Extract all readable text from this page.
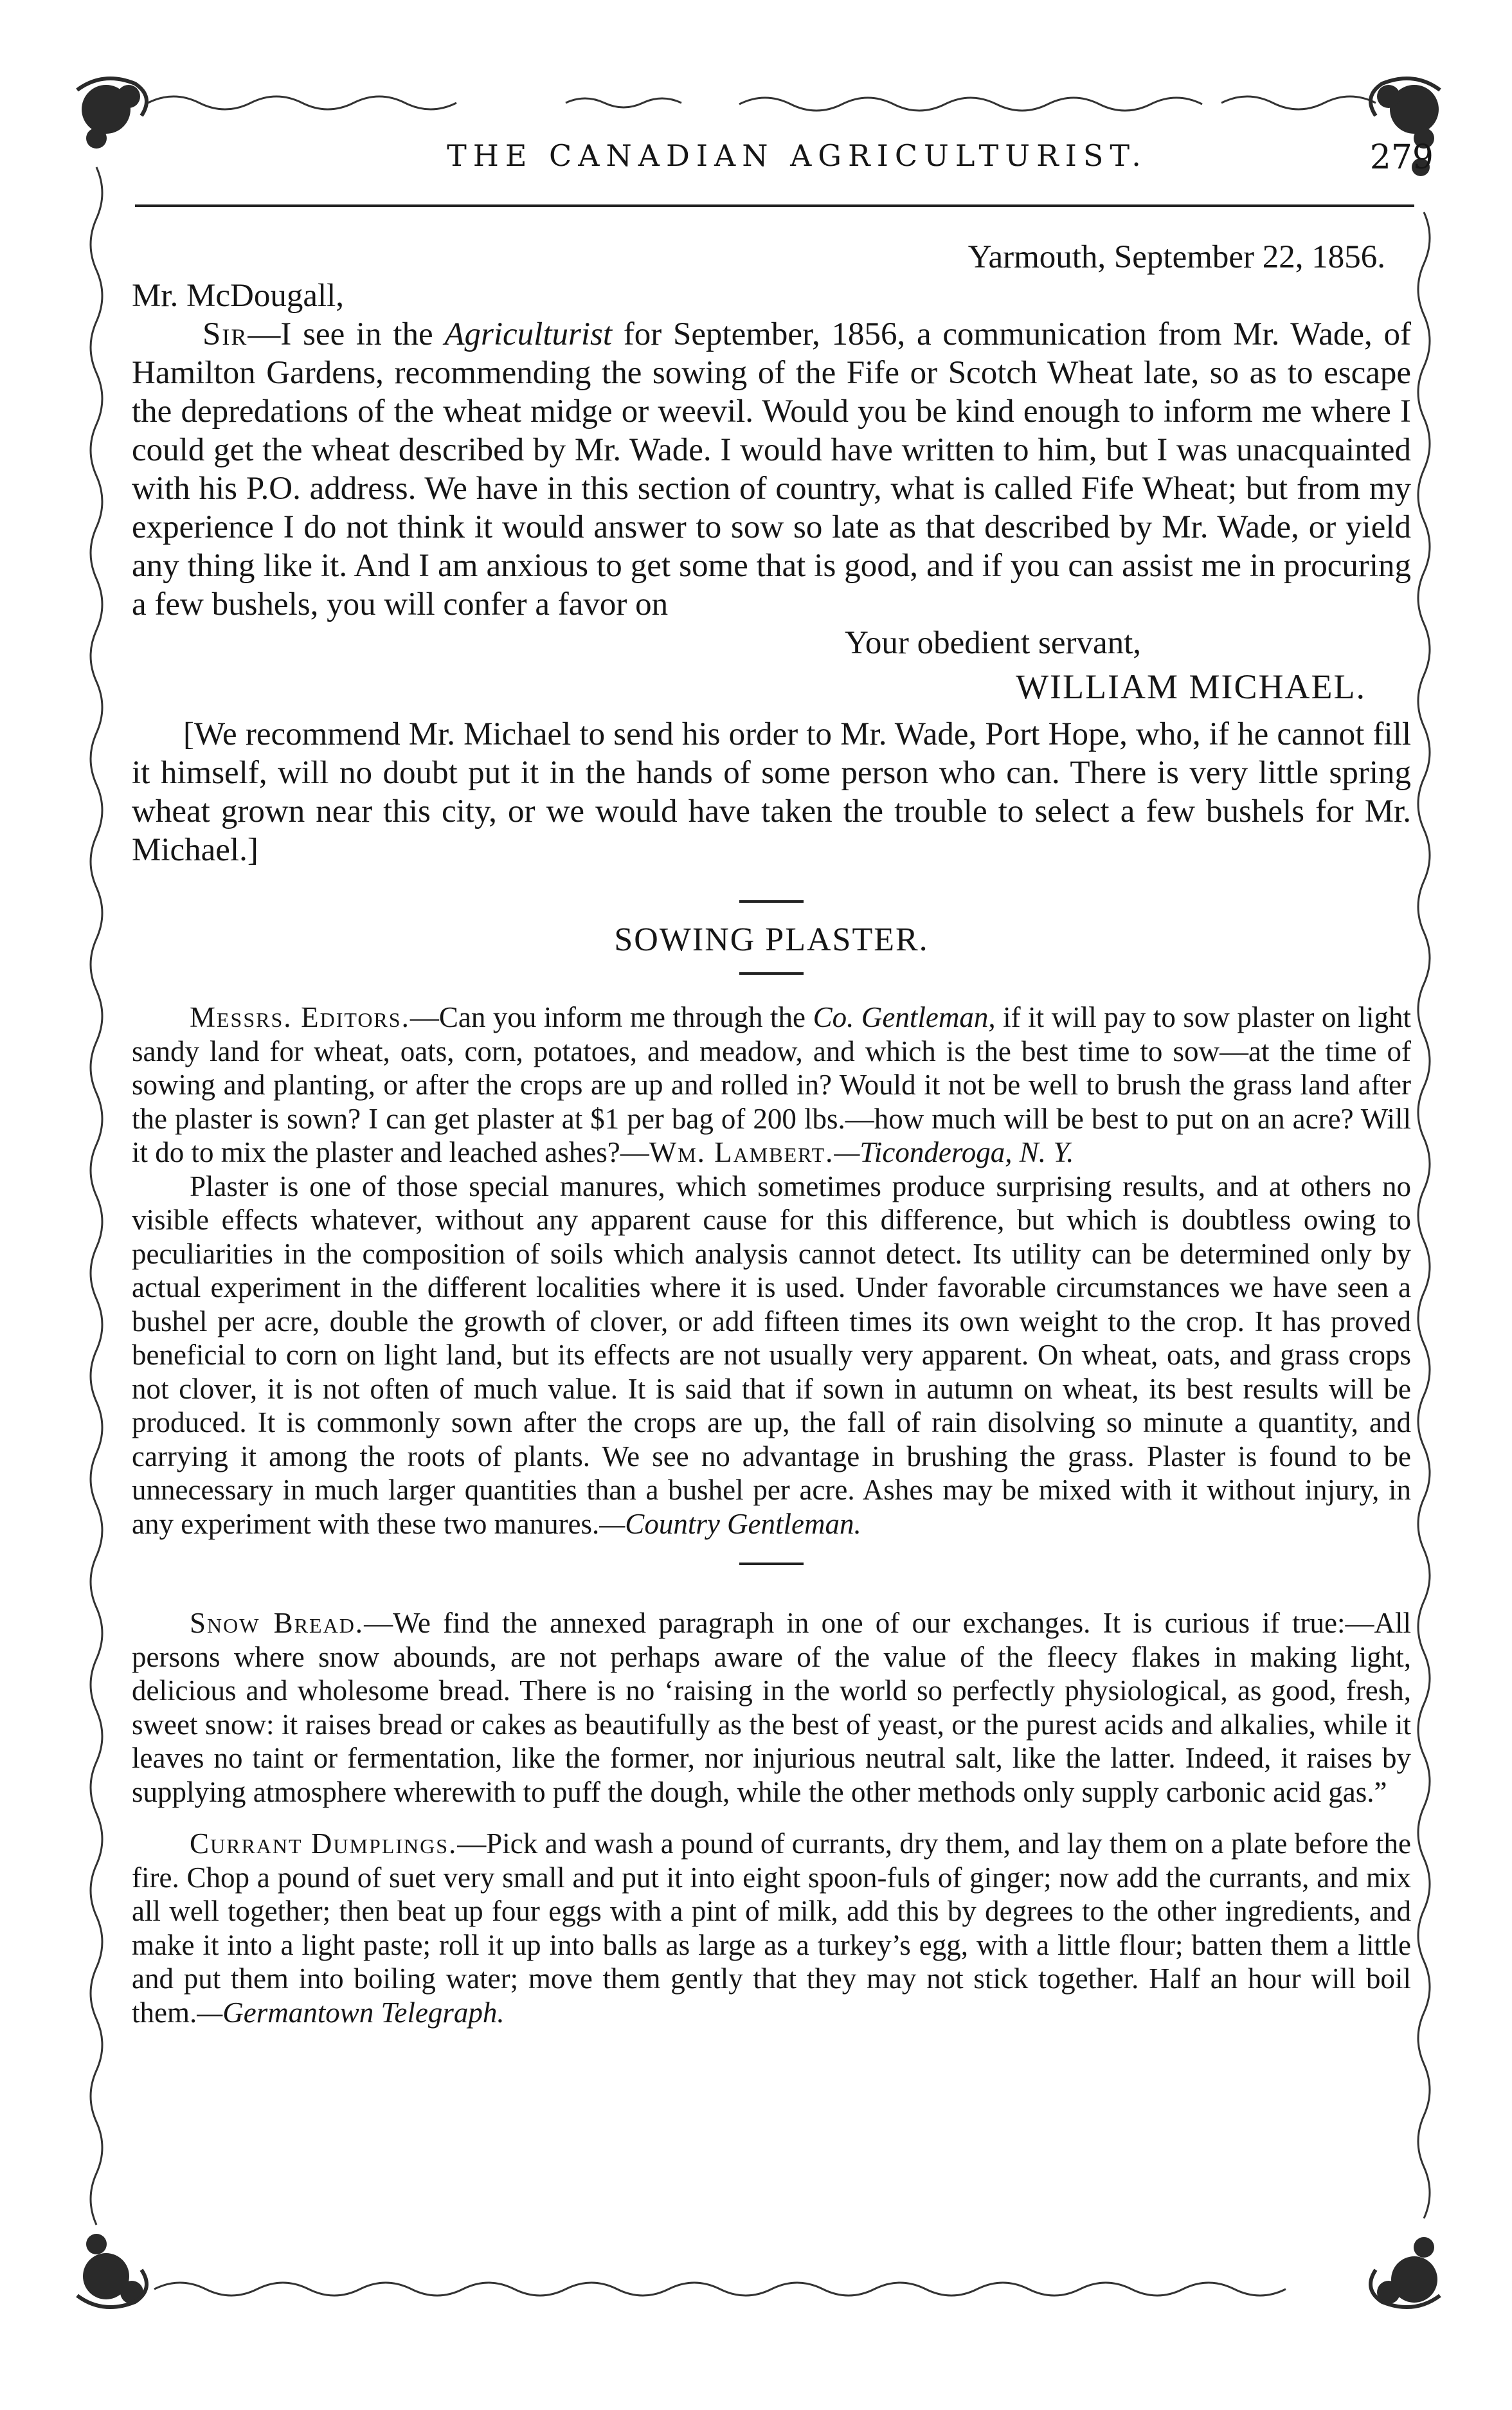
THE CANADIAN AGRICULTURIST.	279

Yarmouth, September 22, 1856.

Mr. McDougall,

Sir—I see in the Agriculturist for September, 1856, a communication from Mr. Wade, of Hamilton Gardens, recommending the sowing of the Fife or Scotch Wheat late, so as to escape the depredations of the wheat midge or weevil. Would you be kind enough to inform me where I could get the wheat described by Mr. Wade. I would have written to him, but I was unacquainted with his P.O. address. We have in this section of country, what is called Fife Wheat; but from my experience I do not think it would answer to sow so late as that described by Mr. Wade, or yield any thing like it. And I am anxious to get some that is good, and if you can assist me in procuring a few bushels, you will confer a favor on

Your obedient servant,

WILLIAM MICHAEL.

[We recommend Mr. Michael to send his order to Mr. Wade, Port Hope, who, if he cannot fill it himself, will no doubt put it in the hands of some person who can. There is very little spring wheat grown near this city, or we would have taken the trouble to select a few bushels for Mr. Michael.]

SOWING PLASTER.

Messrs. Editors.—Can you inform me through the Co. Gentleman, if it will pay to sow plaster on light sandy land for wheat, oats, corn, potatoes, and meadow, and which is the best time to sow—at the time of sowing and planting, or after the crops are up and rolled in? Would it not be well to brush the grass land after the plaster is sown? I can get plaster at $1 per bag of 200 lbs.—how much will be best to put on an acre? Will it do to mix the plaster and leached ashes?—Wm. Lambert.—Ticonderoga, N. Y.

Plaster is one of those special manures, which sometimes produce surprising results, and at others no visible effects whatever, without any apparent cause for this difference, but which is doubtless owing to peculiarities in the composition of soils which analysis cannot detect. Its utility can be determined only by actual experiment in the different localities where it is used. Under favorable circumstances we have seen a bushel per acre, double the growth of clover, or add fifteen times its own weight to the crop. It has proved beneficial to corn on light land, but its effects are not usually very apparent. On wheat, oats, and grass crops not clover, it is not often of much value. It is said that if sown in autumn on wheat, its best results will be produced. It is commonly sown after the crops are up, the fall of rain disolving so minute a quantity, and carrying it among the roots of plants. We see no advantage in brushing the grass. Plaster is found to be unnecessary in much larger quantities than a bushel per acre. Ashes may be mixed with it without injury, in any experiment with these two manures.—Country Gentleman.

Snow Bread.—We find the annexed paragraph in one of our exchanges. It is curious if true:—All persons where snow abounds, are not perhaps aware of the value of the fleecy flakes in making light, delicious and wholesome bread. There is no ‘raising in the world so perfectly physiological, as good, fresh, sweet snow: it raises bread or cakes as beautifully as the best of yeast, or the purest acids and alkalies, while it leaves no taint or fermentation, like the former, nor injurious neutral salt, like the latter. Indeed, it raises by supplying atmosphere wherewith to puff the dough, while the other methods only supply carbonic acid gas.”

Currant Dumplings.—Pick and wash a pound of currants, dry them, and lay them on a plate before the fire. Chop a pound of suet very small and put it into eight spoon-fuls of ginger; now add the currants, and mix all well together; then beat up four eggs with a pint of milk, add this by degrees to the other ingredients, and make it into a light paste; roll it up into balls as large as a turkey’s egg, with a little flour; batten them a little and put them into boiling water; move them gently that they may not stick together. Half an hour will boil them.—Germantown Telegraph.
